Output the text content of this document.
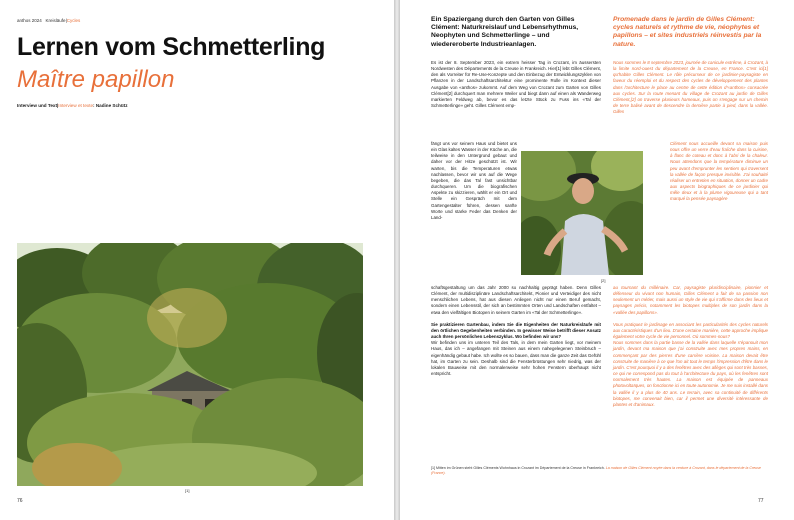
anthos 2024 Kreisläufe|Cycles
Lernen vom Schmetterling
Maître papillon
Interview und Text|Interview et texte: Nadine Schütz
[1]
76
Ein Spaziergang durch den Garten von Gilles Clément: Naturkreislauf und Lebensrhythmus, Neophyten und Schmetterlinge – und wiedereroberte Industrieanlagen.
Promenade dans le jardin de Gilles Clément: cycles naturels et rythme de vie, néophytes et papillons – et sites industriels réinvestis par la nature.

Es ist der 8. September 2023, ein extrem heisser Tag in Crozant, im äussersten Nordwesten des Départements de la Creuse in Frankreich. Hier[1] lebt Gilles Clément, den als Vorreiter für Re-Use-Konzepte und den Einbezug der Entwicklungszyklen von Pflanzen in der Landschaftsarchitektur eine prominente Rolle im Kontext dieser Ausgabe von «anthos» zukommt. Auf dem Weg von Crozant zum Garten von Gilles Clément[2] durchquert man mehrere Weiler und biegt dann auf einen als Wanderweg markierten Feldweg ab, bevor es das letzte Stück zu Fuss ins «Tal der Schmetterlinge» geht. Gilles Clément emp-

fängt uns vor seinem Haus und bietet uns ein Glas kaltes Wasser in der Küche an, die teilweise in den Untergrund gebaut und daher vor der Hitze geschützt ist. Wir warten, bis die Temperaturen etwas nachlassen, bevor wir uns auf die Wege begeben, die das Tal fast unsichtbar durchqueren. Um die biografischen Aspekte zu skizzieren, wählt er ein Ort und Stelle ein Gespräch mit dem Gartengestalter führen, dessen sanfte Worte und starke Feder das Denken der Land-

schaftsgestaltung um das Jahr 2000 so nachhaltig geprägt haben. Denn Gilles Clément, der multidisziplinäre Landschaftsarchitekt, Pionier und Verteidiger des nicht menschlichen Lebens, hat aus diesen Anliegen nicht nur einen Beruf gemacht, sondern einen Lebensstil, der sich an bestimmten Orten und Landschaften entfaltet – etwa den vielfältigen Biotopen in seinem Garten im «Tal der Schmetterlinge».

Sie praktizieren Gartenbau, indem Sie die Eigenheiten der Naturkreisläufe mit den örtlichen Gegebenheiten verbinden. In gewisser Weise betrifft dieser Ansatz auch Ihren persönlichen Lebenszyklus. Wo befinden wir uns?

Wir befinden uns im unteren Teil des Tals, in dem mein Garten liegt, vor meinem Haus, das ich – angefangen mit Steinen aus einem nahegelegenen Steinbruch – eigenhändig gebaut habe. Ich wollte es so bauen, dass man die ganze Zeit das Gefühl hat, im Garten zu sein. Deshalb sind die Fensterbrüstungen sehr niedrig, was der lokalen Bauweise mit den normalerweise sehr hohen Fenstern überhaupt nicht entspricht.

[2]

Nous sommes le 8 septembre 2023, journée de canicule extrême, à Crozant, à la limite nord-ouest du département de la Creuse, en France. C'est ici[1] qu'habite Gilles Clément. Le rôle précurseur de ce jardinier-paysagiste en faveur du réemploi et du respect des cycles de développement des plantes dans l'architecture le place au centre de cette édition d'«anthos» consacrée aux cycles. Sur la route menant du village de Crozant au jardin de Gilles Clément,[2] on traverse plusieurs hameaux, puis on s'engage sur un chemin de terre balisé avant de descendre la dernière partie à pied, dans la vallée. Gilles

Clément nous accueille devant sa maison puis nous offre un verre d'eau fraîche dans la cuisine, à flanc de coteau et donc à l'abri de la chaleur. Nous attendons que la température diminue un peu avant d'emprunter les sentiers qui traversent la vallée de façon presque invisible. J'ai souhaité réaliser un entretien en situation, donner un cadre aux aspects biographiques de ce jardinier qui mêle deux et à la plume vigoureuse qui a tant marqué la pensée paysagère

au tournant du millénaire. Car, paysagiste pluridisciplinaire, pionnier et défenseur du vivant non humain, Gilles Clément a fait de sa passion non seulement un métier, mais aussi un style de vie qui s'affirme dans des lieux et paysages précis, notamment les biotopes multiples de son jardin dans la «vallée des papillons».

Vous pratiquez le jardinage en associant les particularités des cycles naturels aux caractéristiques d'un lieu. D'une certaine manière, cette approche implique également votre cycle de vie personnel. Où sommes-nous?

Nous sommes dans la partie basse de la vallée dans laquelle s'épanouit mon jardin, devant ma maison que j'ai construite avec mes propres mains, en commençant par des pierres d'une carrière voisine. La maison devait être construite de manière à ce que l'on ait tout le temps l'impression d'être dans le jardin. C'est pourquoi il y a des fenêtres avec des allèges qui sont très basses, ce qui ne correspond pas du tout à l'architecture du pays, où les fenêtres sont normalement très hautes. La maison est équipée de panneaux photovoltaïques, on fonctionne ici en toute autonomie. Je me suis installé dans la vallée il y a plus de 40 ans. Le terrain, avec sa continuité de différents biotopes, me convenait bien, car il permet une diversité intéressante de plantes et d'animaux.

[1] Mitten im Grünen steht Gilles Cléments Wohnhaus in Crozant im Département de la Creuse in Frankreich. La maison de Gilles Clément noyée dans la verdure à Crozant, dans le département de la Creuse (France).
77
